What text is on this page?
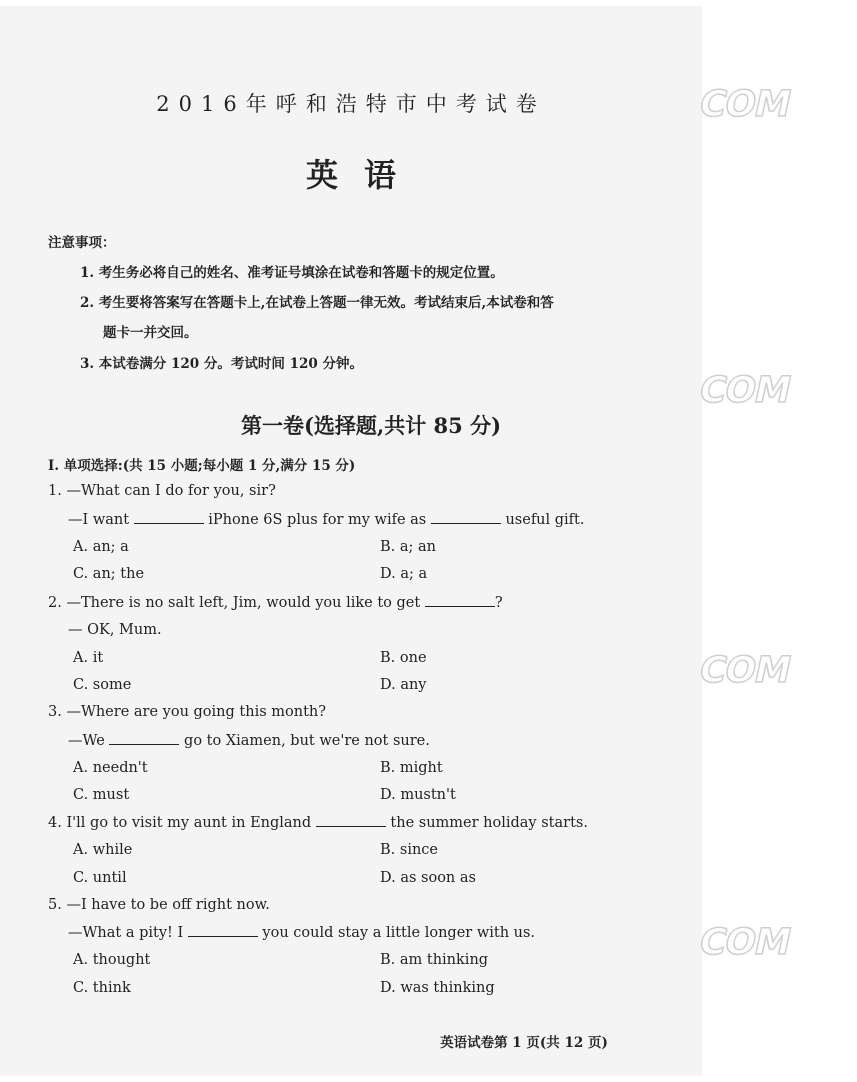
COM
COM
COM
COM
2016年呼和浩特市中考试卷
英语
注意事项：
1. 考生务必将自己的姓名、准考证号填涂在试卷和答题卡的规定位置。
2. 考生要将答案写在答题卡上,在试卷上答题一律无效。考试结束后,本试卷和答
题卡一并交回。
3. 本试卷满分 120 分。考试时间 120 分钟。
第一卷(选择题,共计 85 分)
Ⅰ. 单项选择:(共 15 小题;每小题 1 分,满分 15 分)
1. —What can I do for you, sir?
—I want	iPhone 6S plus for my wife as	useful gift.
A. an; a	B. a; an
C. an; the	D. a; a
2. —There is no salt left, Jim, would you like to get	?
— OK, Mum.
A. it	B. one
C. some	D. any
3. —Where are you going this month?
—We	go to Xiamen, but we're not sure.
A. needn't	B. might
C. must	D. mustn't
4. I'll go to visit my aunt in England	the summer holiday starts.
A. while	B. since
C. until	D. as soon as
5. —I have to be off right now.
—What a pity! I	you could stay a little longer with us.
A. thought	B. am thinking
C. think	D. was thinking
英语试卷第 1 页(共 12 页)
